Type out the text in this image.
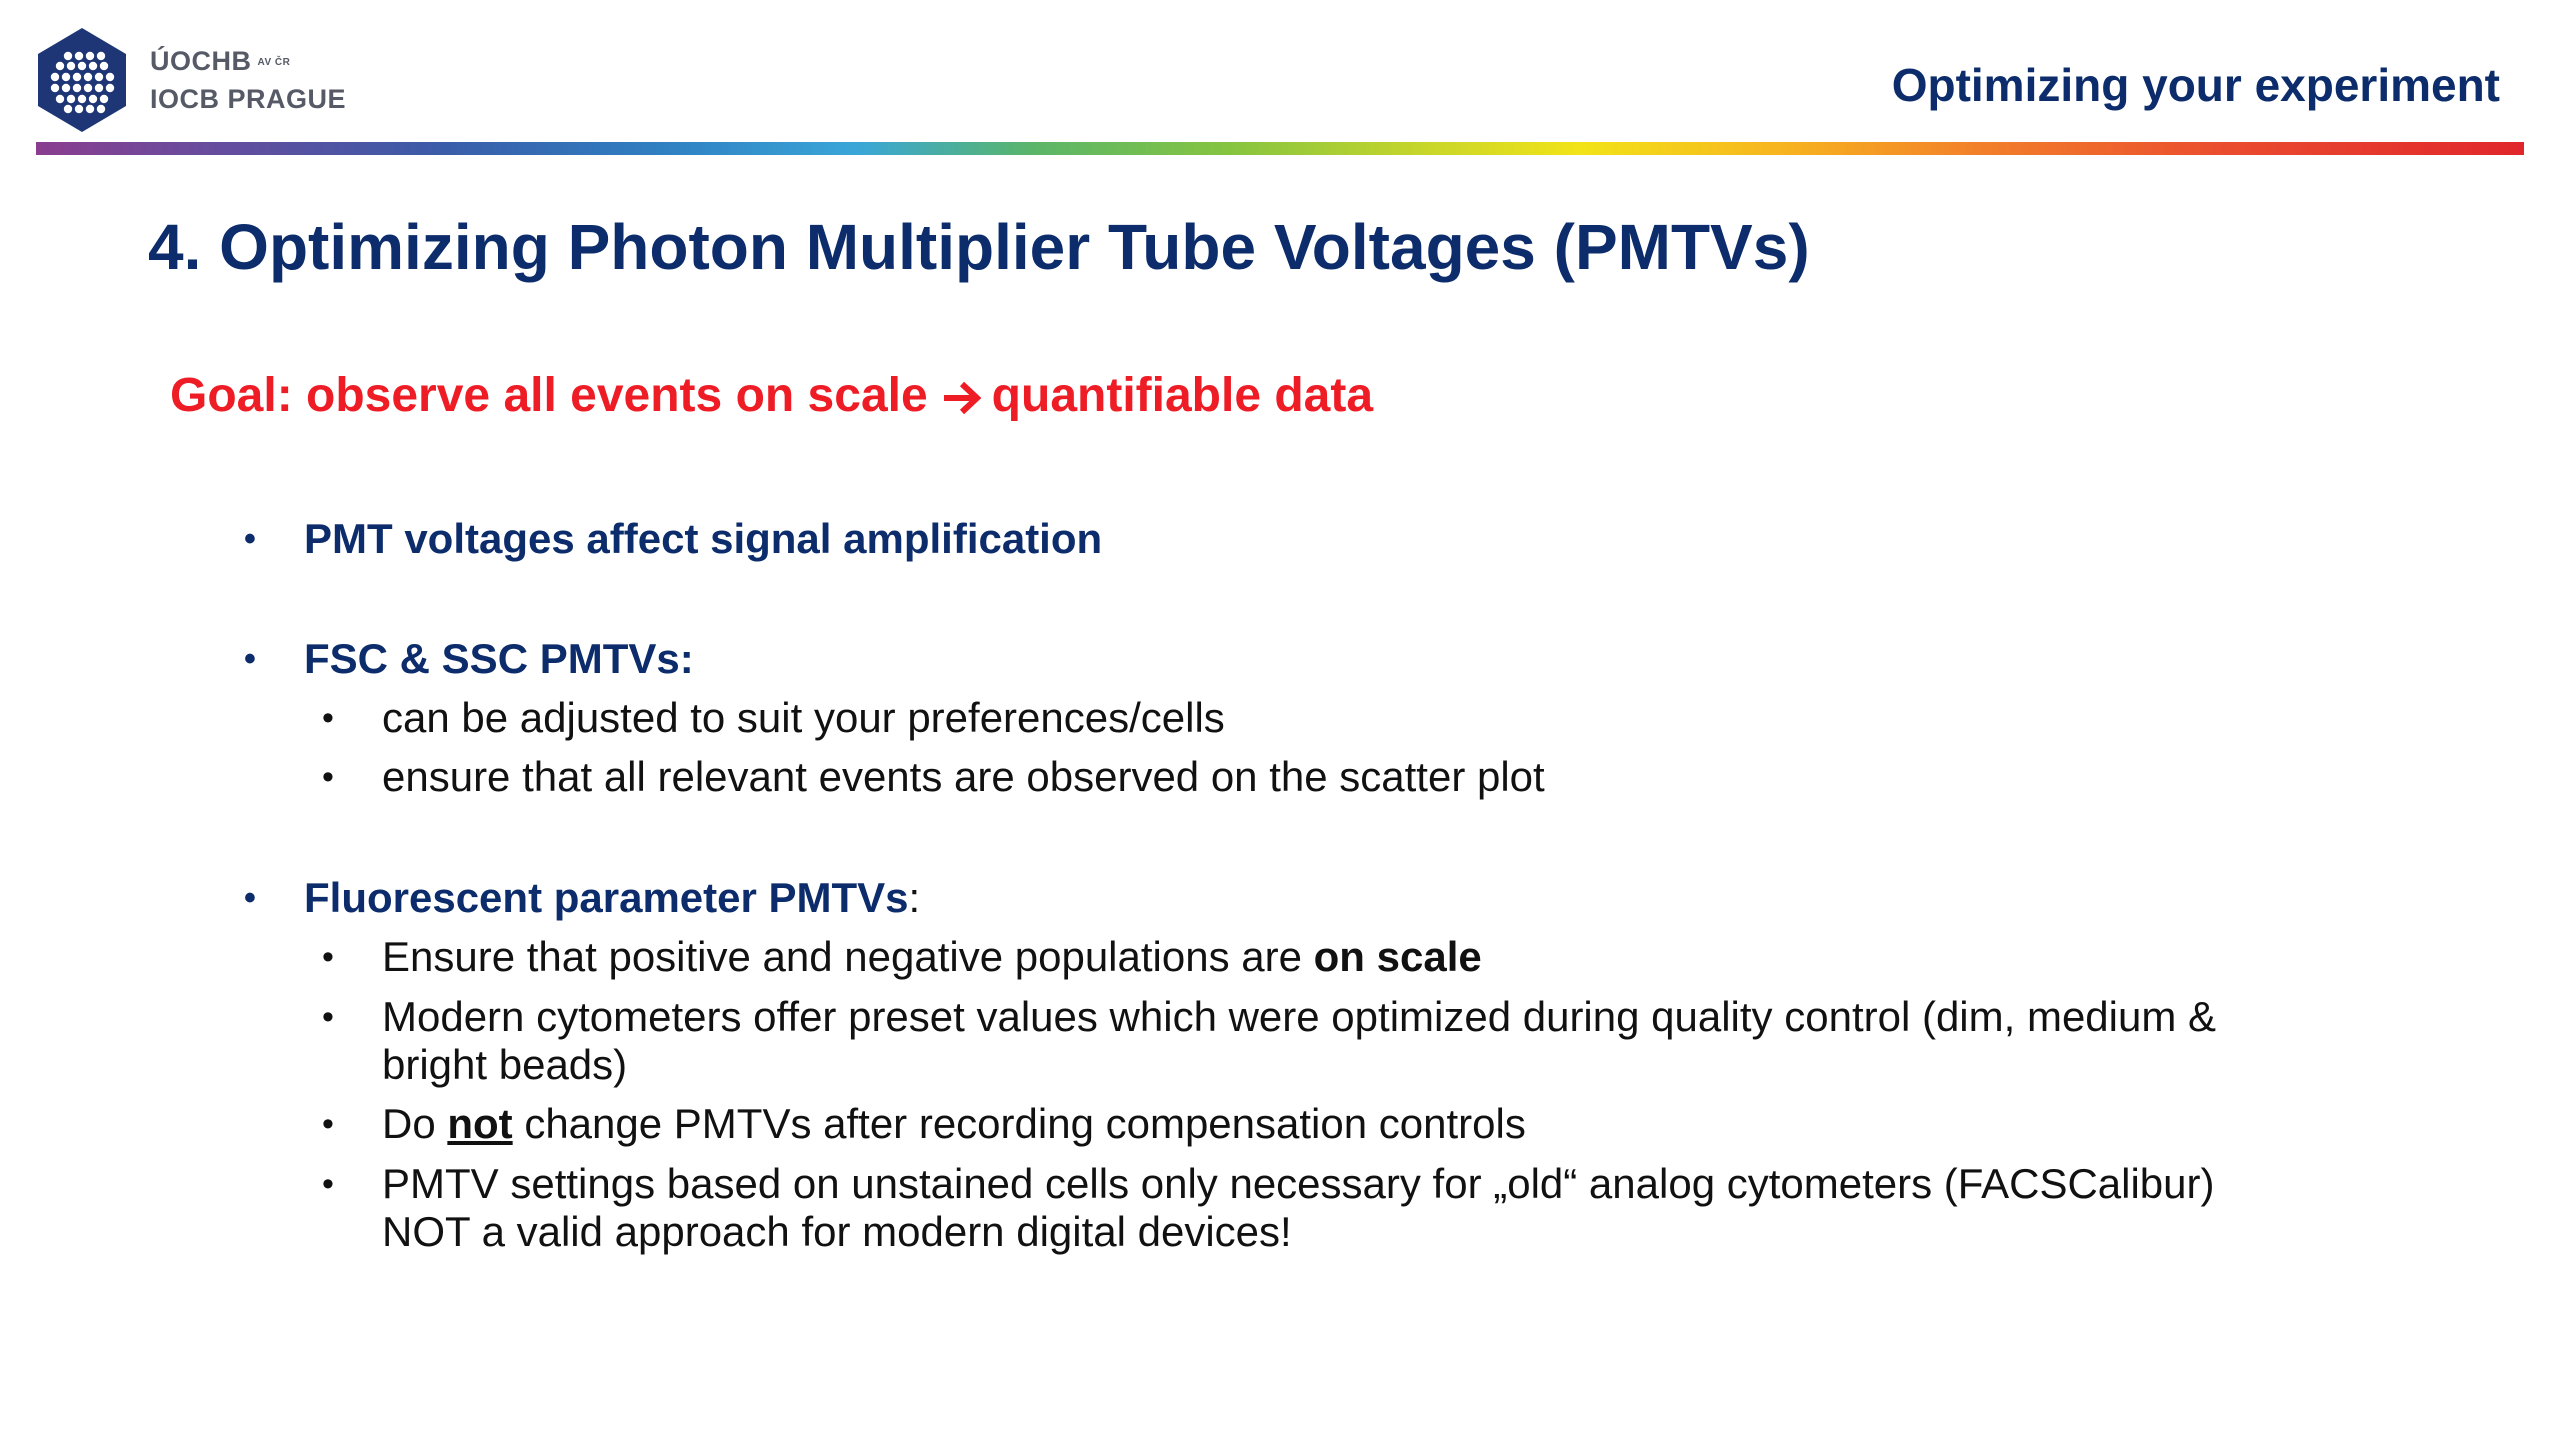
ÚOCHB AV ČR
IOCB PRAGUE	Optimizing your experiment
4. Optimizing Photon Multiplier Tube Voltages (PMTVs)
Goal: observe all events on scale quantifiable data
• PMT voltages affect signal amplification
• FSC & SSC PMTVs:
• can be adjusted to suit your preferences/cells
• ensure that all relevant events are observed on the scatter plot
• Fluorescent parameter PMTVs:
• Ensure that positive and negative populations are on scale
• Modern cytometers offer preset values which were optimized during quality control (dim, medium &
bright beads)
• Do not change PMTVs after recording compensation controls
• PMTV settings based on unstained cells only necessary for „old“ analog cytometers (FACSCalibur)
NOT a valid approach for modern digital devices!
